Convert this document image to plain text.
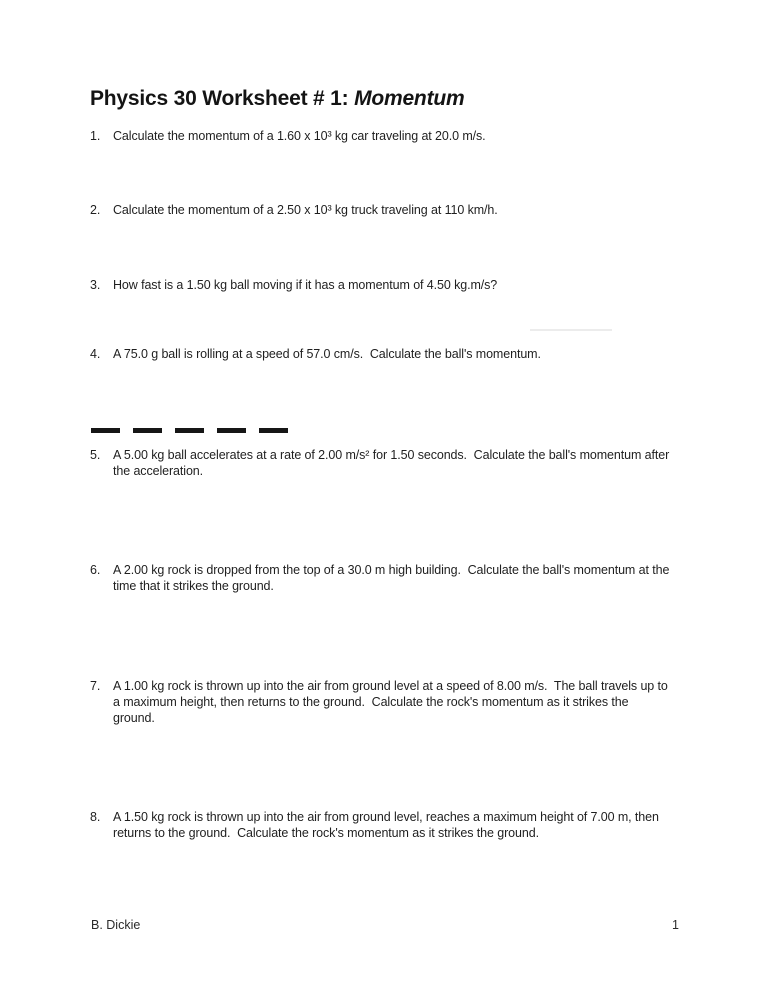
Physics 30 Worksheet # 1: Momentum
1.	Calculate the momentum of a 1.60 x 10³ kg car traveling at 20.0 m/s.
2.	Calculate the momentum of a 2.50 x 10³ kg truck traveling at 110 km/h.
3.	How fast is a 1.50 kg ball moving if it has a momentum of 4.50 kg.m/s?
4.	A 75.0 g ball is rolling at a speed of 57.0 cm/s.  Calculate the ball's momentum.
5.	A 5.00 kg ball accelerates at a rate of 2.00 m/s² for 1.50 seconds.  Calculate the ball's momentum after the acceleration.
6.	A 2.00 kg rock is dropped from the top of a 30.0 m high building.  Calculate the ball's momentum at the time that it strikes the ground.
7.	A 1.00 kg rock is thrown up into the air from ground level at a speed of 8.00 m/s.  The ball travels up to a maximum height, then returns to the ground.  Calculate the rock's momentum as it strikes the ground.
8.	A 1.50 kg rock is thrown up into the air from ground level, reaches a maximum height of 7.00 m, then returns to the ground.  Calculate the rock's momentum as it strikes the ground.
B. Dickie	1
